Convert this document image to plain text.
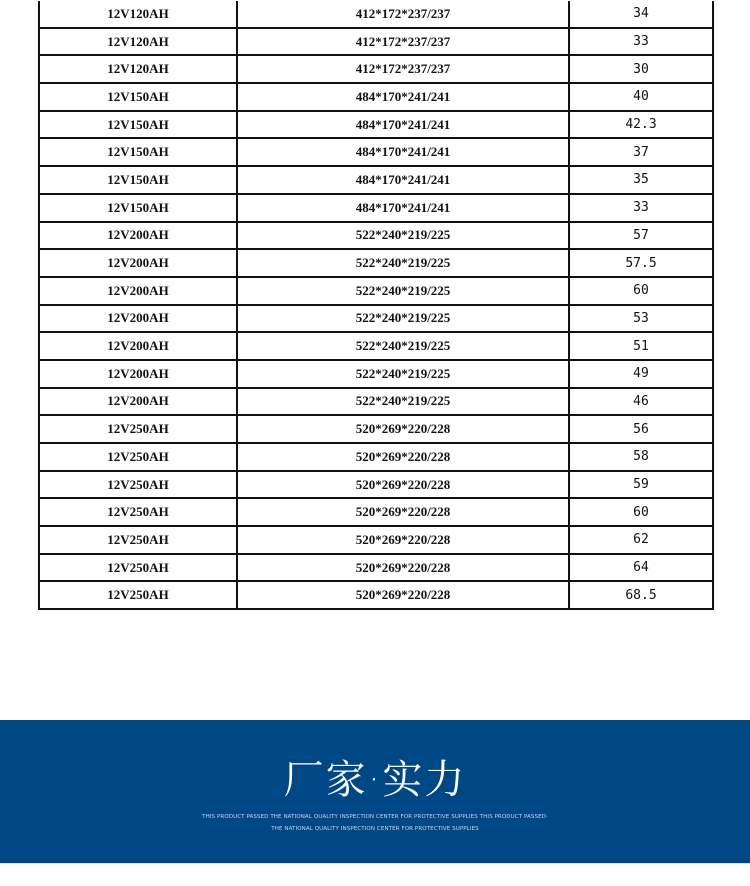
12V120AH	412*172*237/237	34
12V120AH	412*172*237/237	33
12V120AH	412*172*237/237	30
12V150AH	484*170*241/241	40
12V150AH	484*170*241/241	42.3
12V150AH	484*170*241/241	37
12V150AH	484*170*241/241	35
12V150AH	484*170*241/241	33
12V200AH	522*240*219/225	57
12V200AH	522*240*219/225	57.5
12V200AH	522*240*219/225	60
12V200AH	522*240*219/225	53
12V200AH	522*240*219/225	51
12V200AH	522*240*219/225	49
12V200AH	522*240*219/225	46
12V250AH	520*269*220/228	56
12V250AH	520*269*220/228	58
12V250AH	520*269*220/228	59
12V250AH	520*269*220/228	60
12V250AH	520*269*220/228	62
12V250AH	520*269*220/228	64
12V250AH	520*269*220/228	68.5
厂家·实力
THIS PRODUCT PASSED THE NATIONAL QUALITY INSPECTION CENTER FOR PROTECTIVE SUPPLIES THIS PRODUCT PASSED·
THE NATIONAL QUALITY INSPECTION CENTER FOR PROTECTIVE SUPPLIES
